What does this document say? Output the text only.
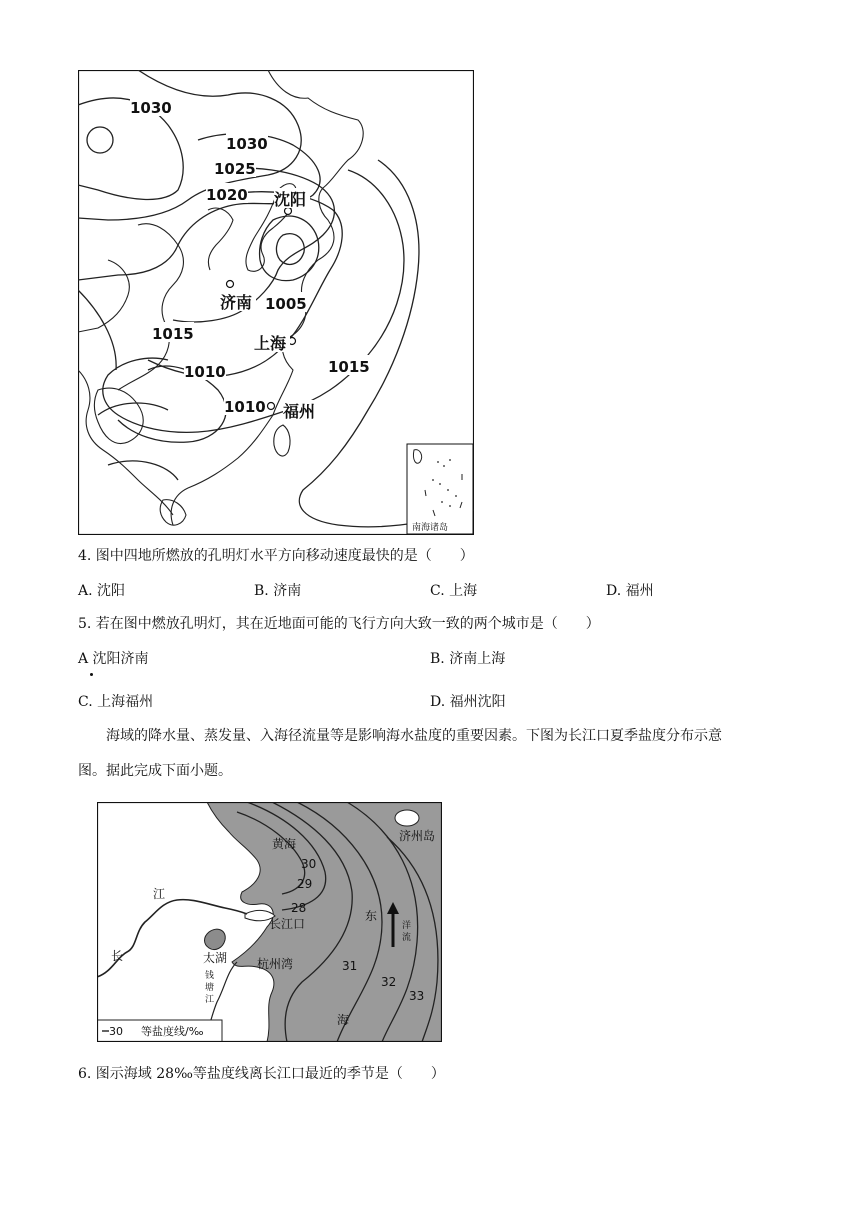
1030
1030
1025
1020
1005
1015
1010
1010
1015
沈阳
济南
上海
福州
南海诸岛
4. 图中四地所燃放的孔明灯水平方向移动速度最快的是（　　）
A. 沈阳	B. 济南	C. 上海	D. 福州
5. 若在图中燃放孔明灯，其在近地面可能的飞行方向大致一致的两个城市是（　　）
A 沈阳济南	B. 济南上海
C. 上海福州	D. 福州沈阳
海域的降水量、蒸发量、入海径流量等是影响海水盐度的重要因素。下图为长江口夏季盐度分布示意
图。据此完成下面小题。
黄海
济州岛
江
长	太湖
长江口
杭州湾
东
海
钱
塘
江
洋
流
30
29
28
31
32
33
30 等盐度线/‰
6. 图示海域 28‰等盐度线离长江口最近的季节是（　　）
